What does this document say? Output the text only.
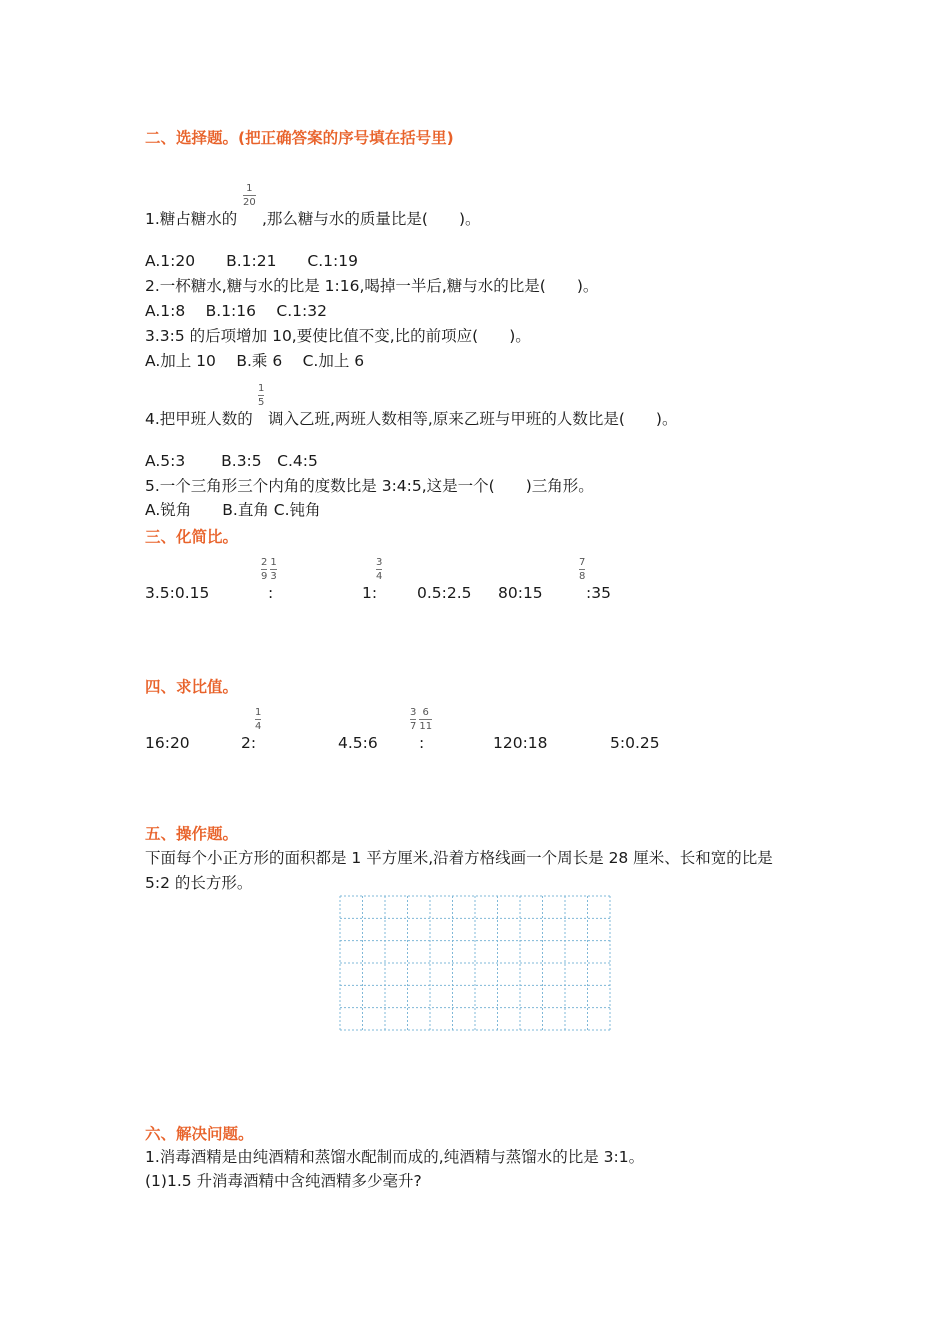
二、选择题。(把正确答案的序号填在括号里)
1
20
1.糖占糖水的 ,那么糖与水的质量比是(　　)。
A.1:20　　B.1:21　　C.1:19
2.一杯糖水,糖与水的比是 1:16,喝掉一半后,糖与水的比是(　　)。
A.1:8　 B.1:16　 C.1:32
3.3:5 的后项增加 10,要使比值不变,比的前项应(　　)。
A.加上 10　 B.乘 6　 C.加上 6
1
5
4.把甲班人数的 调入乙班,两班人数相等,原来乙班与甲班的人数比是(　　)。
A.5:3　　 B.3:5　C.4:5
5.一个三角形三个内角的度数比是 3:4:5,这是一个(　　)三角形。
A.锐角　　B.直角 C.钝角
三、化简比。
3.5:0.15
$\frac{2}{9} \frac{1}{3}$
:	1:
3
4
0.5:2.5 80:15
7
8
:35
四、求比值。
16:20	2:
1
4
4.5:6
$\frac{3}{7} \frac{6}{11}$
:	120:18	5:0.25
五、操作题。
下面每个小正方形的面积都是 1 平方厘米,沿着方格线画一个周长是 28 厘米、长和宽的比是
5:2 的长方形。
六、解决问题。
1.消毒酒精是由纯酒精和蒸馏水配制而成的,纯酒精与蒸馏水的比是 3:1。
(1)1.5 升消毒酒精中含纯酒精多少毫升?
